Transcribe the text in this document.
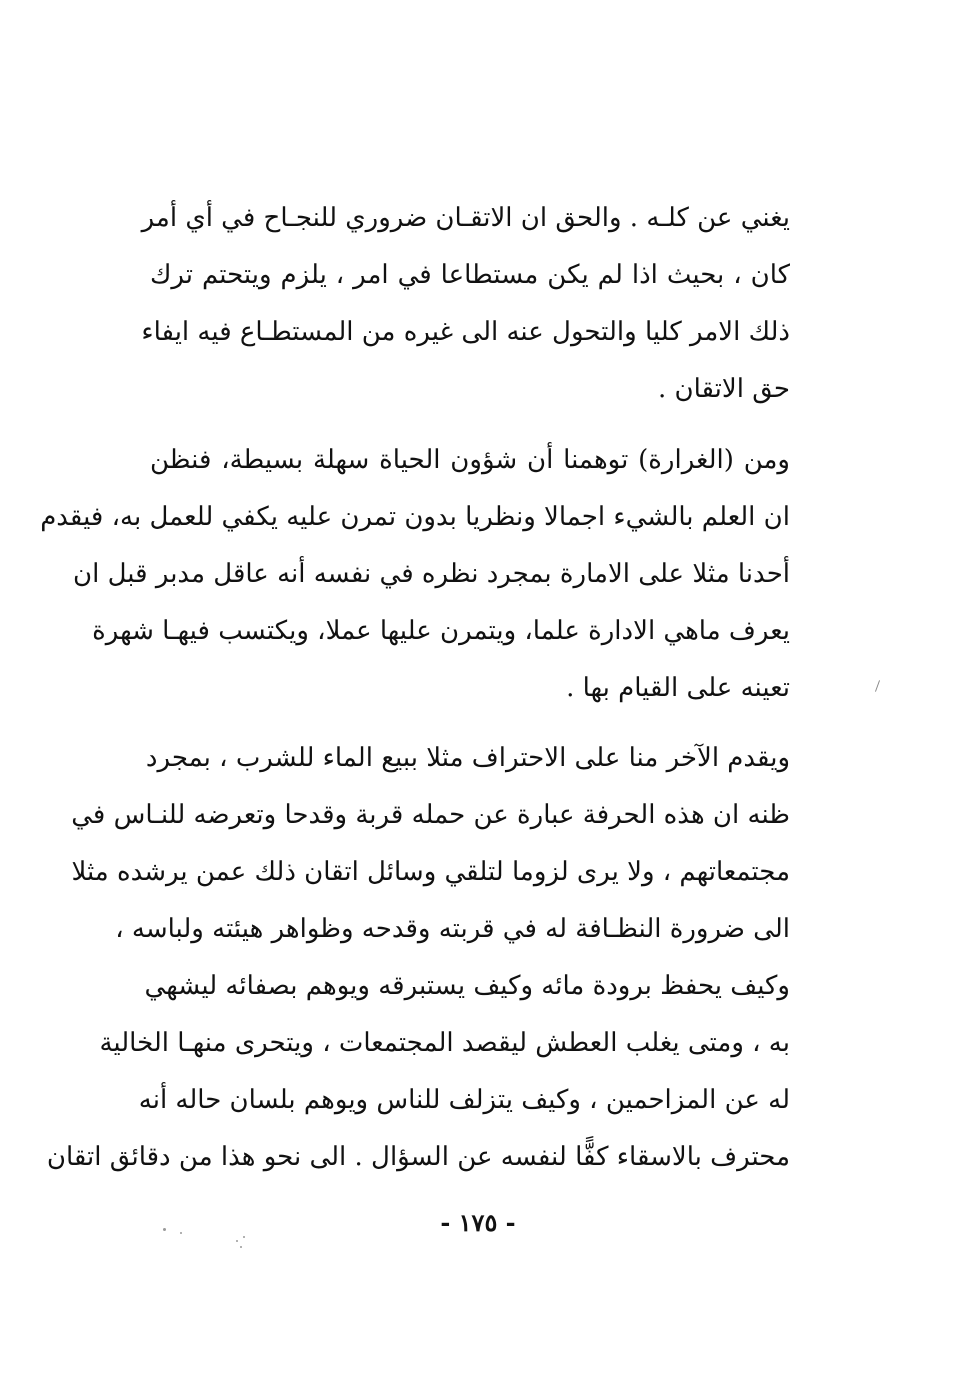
يغني عن كلـه . والحق ان الاتقـان ضروري للنجـاح في أي أمر
كان ، بحيث اذا لم يكن مستطاعا في امر ، يلزم ويتحتم ترك
ذلك الامر كليا والتحول عنه الى غيره من المستطـاع فيه ايفاء
حق الاتقان .
ومن (الغرارة) توهمنا أن شؤون الحياة سهلة بسيطة، فنظن
ان العلم بالشيء اجمالا ونظريا بدون تمرن عليه يكفي للعمل به، فيقدم
أحدنا مثلا على الامارة بمجرد نظره في نفسه أنه عاقل مدبر قبل ان
يعرف ماهي الادارة علما، ويتمرن عليها عملا، ويكتسب فيهـا شهرة
تعينه على القيام بها .
ويقدم الآخر منا على الاحتراف مثلا ببيع الماء للشرب ، بمجرد
ظنه ان هذه الحرفة عبارة عن حمله قربة وقدحا وتعرضه للنـاس في
مجتمعاتهم ، ولا يرى لزوما لتلقي وسائل اتقان ذلك عمن يرشده مثلا
الى ضرورة النظـافة له في قربته وقدحه وظواهر هيئته ولباسه ،
وكيف يحفظ برودة مائه وكيف يستبرقه ويوهم بصفائه ليشهي
به ، ومتى يغلب العطش ليقصد المجتمعات ، ويتحرى منهـا الخالية
له عن المزاحمين ، وكيف يتزلف للناس ويوهم بلسان حاله أنه
محترف بالاسقاء كفًّا لنفسه عن السؤال . الى نحو هذا من دقائق اتقان
- ١٧٥ -
